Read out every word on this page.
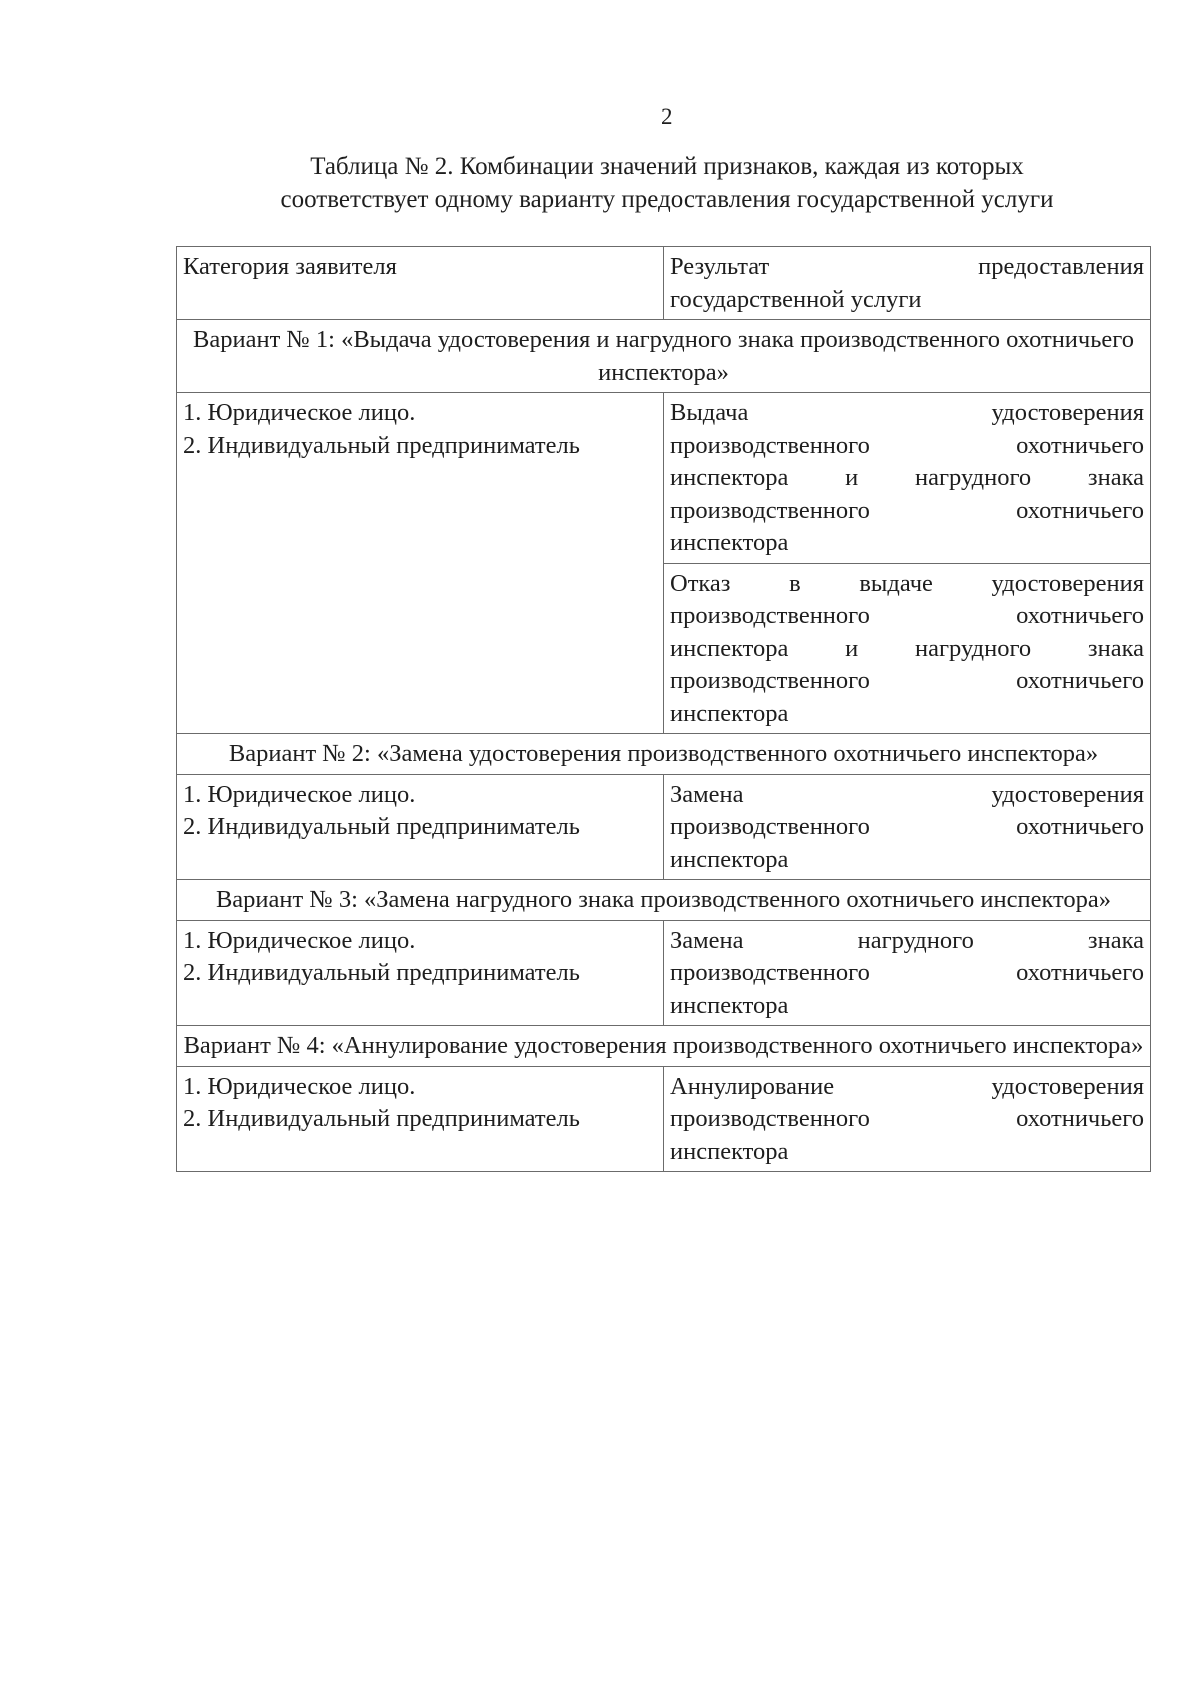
2
Таблица № 2. Комбинации значений признаков, каждая из которых
соответствует одному варианту предоставления государственной услуги
Категория заявителя	Результат предоставления
государственной услуги

Вариант № 1: «Выдача удостоверения и нагрудного знака производственного охотничьего инспектора»	

1. Юридическое лицо.
2. Индивидуальный предприниматель	Выдача удостоверения
производственного охотничьего
инспектора и нагрудного знака
производственного охотничьего
инспектора

	Отказ в выдаче удостоверения
производственного охотничьего
инспектора и нагрудного знака
производственного охотничьего
инспектора

Вариант № 2: «Замена удостоверения производственного охотничьего инспектора»	

1. Юридическое лицо.
2. Индивидуальный предприниматель	Замена удостоверения
производственного охотничьего
инспектора

Вариант № 3: «Замена нагрудного знака производственного охотничьего инспектора»	

1. Юридическое лицо.
2. Индивидуальный предприниматель	Замена нагрудного знака
производственного охотничьего
инспектора

Вариант № 4: «Аннулирование удостоверения производственного охотничьего инспектора»	

1. Юридическое лицо.
2. Индивидуальный предприниматель	Аннулирование удостоверения
производственного охотничьего
инспектора
